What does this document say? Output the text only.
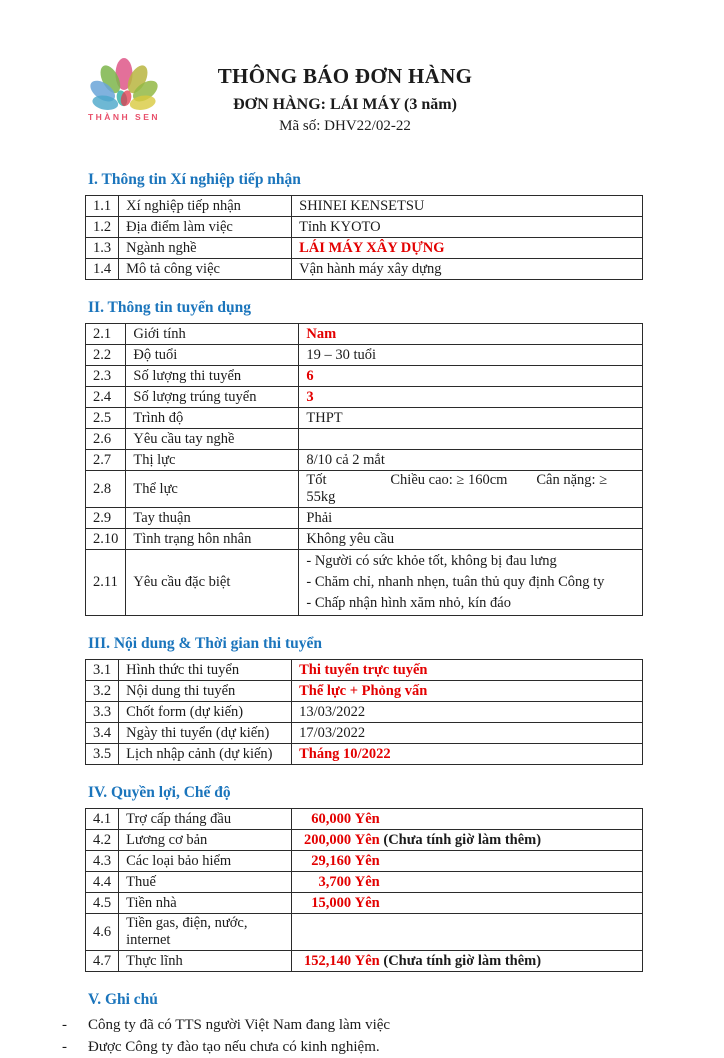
THÀNH SEN
THÔNG BÁO ĐƠN HÀNG
ĐƠN HÀNG: LÁI MÁY (3 năm)
Mã số: DHV22/02-22
I. Thông tin Xí nghiệp tiếp nhận
1.1	Xí nghiệp tiếp nhận	SHINEI KENSETSU
1.2	Địa điểm làm việc	Tỉnh KYOTO
1.3	Ngành nghề	LÁI MÁY XÂY DỰNG
1.4	Mô tả công việc	Vận hành máy xây dựng
II. Thông tin tuyển dụng
2.1	Giới tính	Nam
2.2	Độ tuổi	19 – 30 tuổi
2.3	Số lượng thi tuyển	6
2.4	Số lượng trúng tuyển	3
2.5	Trình độ	THPT
2.6	Yêu cầu tay nghề	
2.7	Thị lực	8/10 cả 2 mắt
2.8	Thể lực	Tốt Chiều cao: ≥ 160cm Cân nặng: ≥ 55kg
2.9	Tay thuận	Phải
2.10	Tình trạng hôn nhân	Không yêu cầu
2.11	Yêu cầu đặc biệt	- Người có sức khỏe tốt, không bị đau lưng
- Chăm chỉ, nhanh nhẹn, tuân thủ quy định Công ty
- Chấp nhận hình xăm nhỏ, kín đáo
III. Nội dung & Thời gian thi tuyển
3.1	Hình thức thi tuyển	Thi tuyển trực tuyến
3.2	Nội dung thi tuyển	Thể lực + Phỏng vấn
3.3	Chốt form (dự kiến)	13/03/2022
3.4	Ngày thi tuyển (dự kiến)	17/03/2022
3.5	Lịch nhập cảnh (dự kiến)	Tháng 10/2022
IV. Quyền lợi, Chế độ
4.1	Trợ cấp tháng đầu	60,000 Yên
4.2	Lương cơ bản	200,000 Yên (Chưa tính giờ làm thêm)
4.3	Các loại bảo hiểm	29,160 Yên
4.4	Thuế	3,700 Yên
4.5	Tiền nhà	15,000 Yên
4.6	Tiền gas, điện, nước, internet	
4.7	Thực lĩnh	152,140 Yên (Chưa tính giờ làm thêm)
V. Ghi chú
-	Công ty đã có TTS người Việt Nam đang làm việc
-	Được Công ty đào tạo nếu chưa có kinh nghiệm.
